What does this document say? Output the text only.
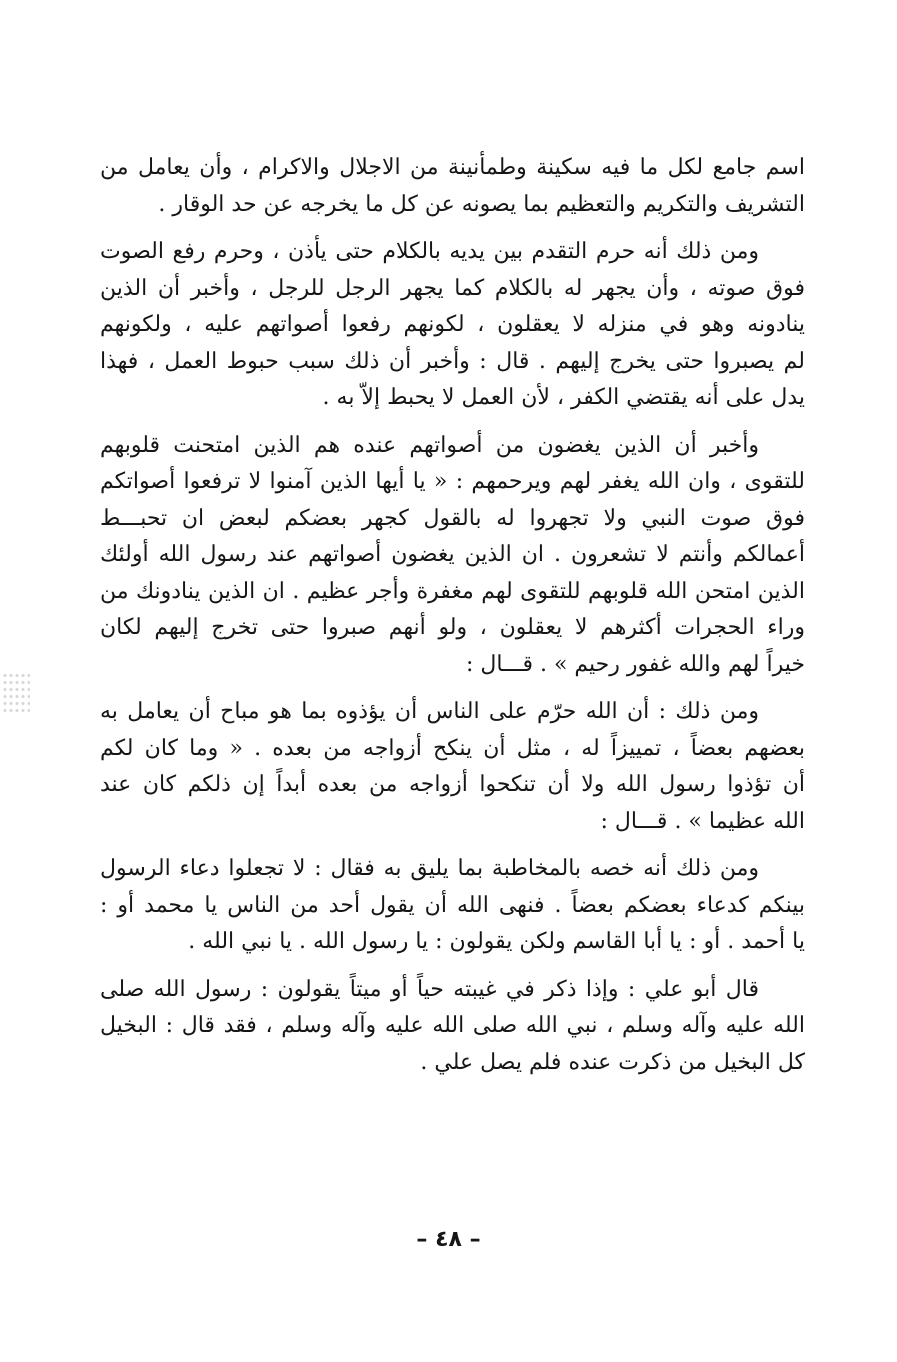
اسم جامع لكل ما فيه سكينة وطمأنينة من الاجلال والاكرام ، وأن يعامل من
التشريف والتكريم والتعظيم بما يصونه عن كل ما يخرجه عن حد الوقار .
ومن ذلك أنه حرم التقدم بين يديه بالكلام حتى يأذن ، وحرم رفع الصوت
فوق صوته ، وأن يجهر له بالكلام كما يجهر الرجل للرجل ، وأخبر أن الذين
ينادونه وهو في منزله لا يعقلون ، لكونهم رفعوا أصواتهم عليه ، ولكونهم
لم يصبروا حتى يخرج إليهم . قال : وأخبر أن ذلك سبب حبوط العمل ، فهذا
يدل على أنه يقتضي الكفر ، لأن العمل لا يحبط إلاّ به .
وأخبر أن الذين يغضون من أصواتهم عنده هم الذين امتحنت قلوبهم
للتقوى ، وان الله يغفر لهم ويرحمهم : « يا أيها الذين آمنوا لا ترفعوا أصواتكم
فوق صوت النبي ولا تجهروا له بالقول كجهر بعضكم لبعض ان تحبـــط
أعمالكم وأنتم لا تشعرون . ان الذين يغضون أصواتهم عند رسول الله أولئك
الذين امتحن الله قلوبهم للتقوى لهم مغفرة وأجر عظيم . ان الذين ينادونك من
وراء الحجرات أكثرهم لا يعقلون ، ولو أنهم صبروا حتى تخرج إليهم لكان
خيراً لهم والله غفور رحيم » . قـــال :
ومن ذلك : أن الله حرّم على الناس أن يؤذوه بما هو مباح أن يعامل به
بعضهم بعضاً ، تمييزاً له ، مثل أن ينكح أزواجه من بعده . « وما كان لكم
أن تؤذوا رسول الله ولا أن تنكحوا أزواجه من بعده أبداً إن ذلكم كان عند
الله عظيما » . قـــال :
ومن ذلك أنه خصه بالمخاطبة بما يليق به فقال : لا تجعلوا دعاء الرسول
بينكم كدعاء بعضكم بعضاً . فنهى الله أن يقول أحد من الناس يا محمد أو :
يا أحمد . أو : يا أبا القاسم ولكن يقولون : يا رسول الله . يا نبي الله .
قال أبو علي : وإذا ذكر في غيبته حياً أو ميتاً يقولون : رسول الله صلى
الله عليه وآله وسلم ، نبي الله صلى الله عليه وآله وسلم ، فقد قال : البخيل
كل البخيل من ذكرت عنده فلم يصل علي .
– ٤٨ –
